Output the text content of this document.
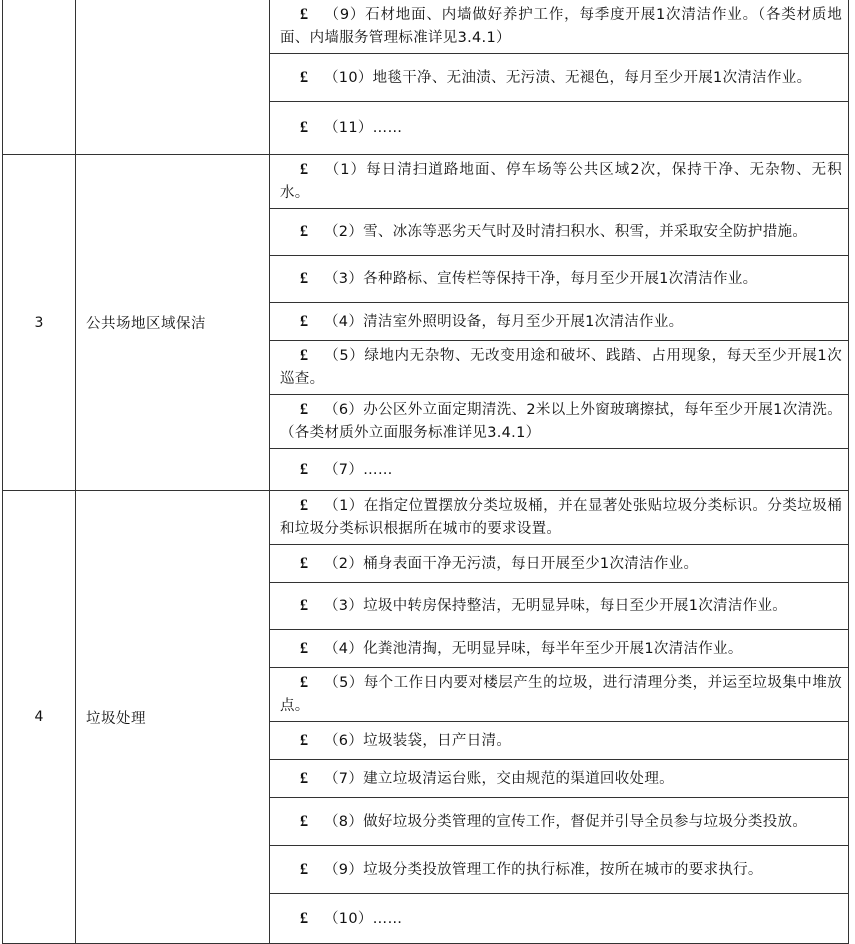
		£ （9）石材地面、内墙做好养护工作，每季度开展1次清洁作业。（各类材质地面、内墙服务管理标准详见3.4.1）
		£ （10）地毯干净、无油渍、无污渍、无褪色，每月至少开展1次清洁作业。
		£ （11）……
3	公共场地区域保洁	£ （1）每日清扫道路地面、停车场等公共区域2次，保持干净、无杂物、无积水。
		£ （2）雪、冰冻等恶劣天气时及时清扫积水、积雪，并采取安全防护措施。
		£ （3）各种路标、宣传栏等保持干净，每月至少开展1次清洁作业。
		£ （4）清洁室外照明设备，每月至少开展1次清洁作业。
		£ （5）绿地内无杂物、无改变用途和破坏、践踏、占用现象，每天至少开展1次巡查。
		£ （6）办公区外立面定期清洗、2米以上外窗玻璃擦拭，每年至少开展1次清洗。（各类材质外立面服务标准详见3.4.1）
		£ （7）……
4	垃圾处理	£ （1）在指定位置摆放分类垃圾桶，并在显著处张贴垃圾分类标识。分类垃圾桶和垃圾分类标识根据所在城市的要求设置。
		£ （2）桶身表面干净无污渍，每日开展至少1次清洁作业。
		£ （3）垃圾中转房保持整洁，无明显异味，每日至少开展1次清洁作业。
		£ （4）化粪池清掏，无明显异味，每半年至少开展1次清洁作业。
		£ （5）每个工作日内要对楼层产生的垃圾，进行清理分类，并运至垃圾集中堆放点。
		£ （6）垃圾装袋，日产日清。
		£ （7）建立垃圾清运台账，交由规范的渠道回收处理。
		£ （8）做好垃圾分类管理的宣传工作，督促并引导全员参与垃圾分类投放。
		£ （9）垃圾分类投放管理工作的执行标准，按所在城市的要求执行。
		£ （10）……
